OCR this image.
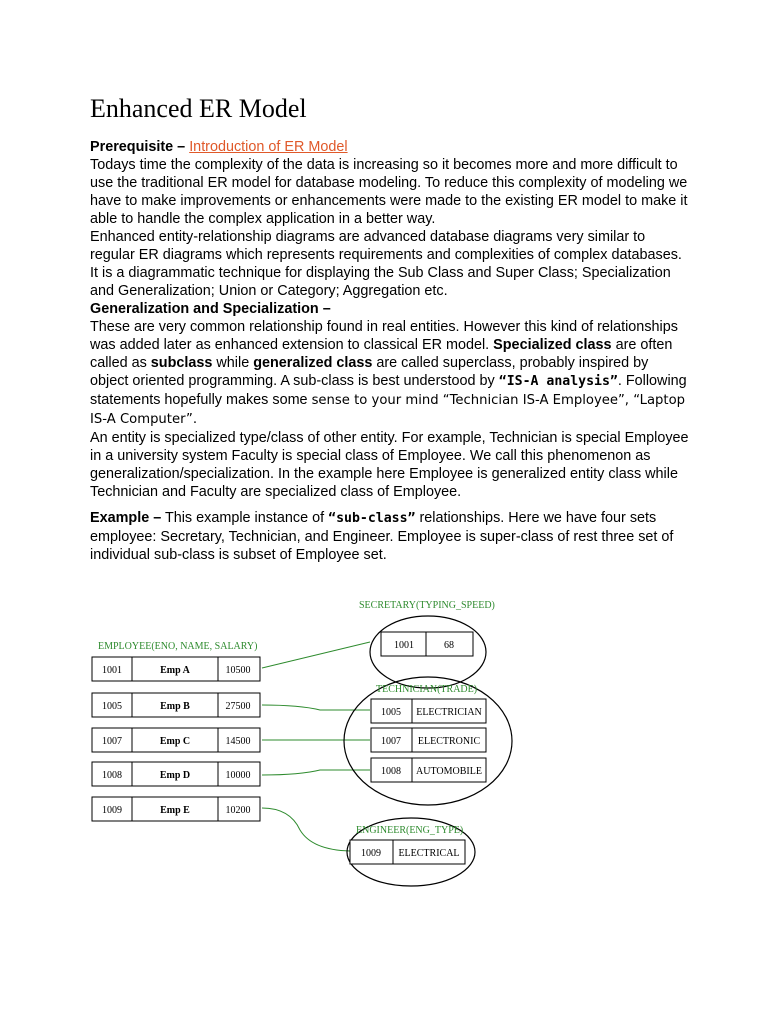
Enhanced ER Model

Prerequisite – Introduction of ER Model

Todays time the complexity of the data is increasing so it becomes more and more difficult to use the traditional ER model for database modeling. To reduce this complexity of modeling we have to make improvements or enhancements were made to the existing ER model to make it able to handle the complex application in a better way.

Enhanced entity-relationship diagrams are advanced database diagrams very similar to regular ER diagrams which represents requirements and complexities of complex databases.

It is a diagrammatic technique for displaying the Sub Class and Super Class; Specialization and Generalization; Union or Category; Aggregation etc.

Generalization and Specialization –

These are very common relationship found in real entities. However this kind of relationships was added later as enhanced extension to classical ER model. Specialized class are often called as subclass while generalized class are called superclass, probably inspired by object oriented programming. A sub-class is best understood by “IS-A analysis”. Following statements hopefully makes some sense to your mind “Technician IS-A Employee”, “Laptop IS-A Computer”.

An entity is specialized type/class of other entity. For example, Technician is special Employee in a university system Faculty is special class of Employee. We call this phenomenon as generalization/specialization. In the example here Employee is generalized entity class while Technician and Faculty are specialized class of Employee.

Example – This example instance of “sub-class” relationships. Here we have four sets employee: Secretary, Technician, and Engineer. Employee is super-class of rest three set of individual sub-class is subset of Employee set.

EMPLOYEE(ENO, NAME, SALARY)
SECRETARY(TYPING_SPEED)
TECHNICIAN(TRADE)
ENGINEER(ENG_TYPE)
1001	Emp A	10500
1005	Emp B	27500
1007	Emp C	14500
1008	Emp D	10000
1009	Emp E	10200
1001	68
1005 ELECTRICIAN
1007 ELECTRONIC
1008 AUTOMOBILE
1009 ELECTRICAL
